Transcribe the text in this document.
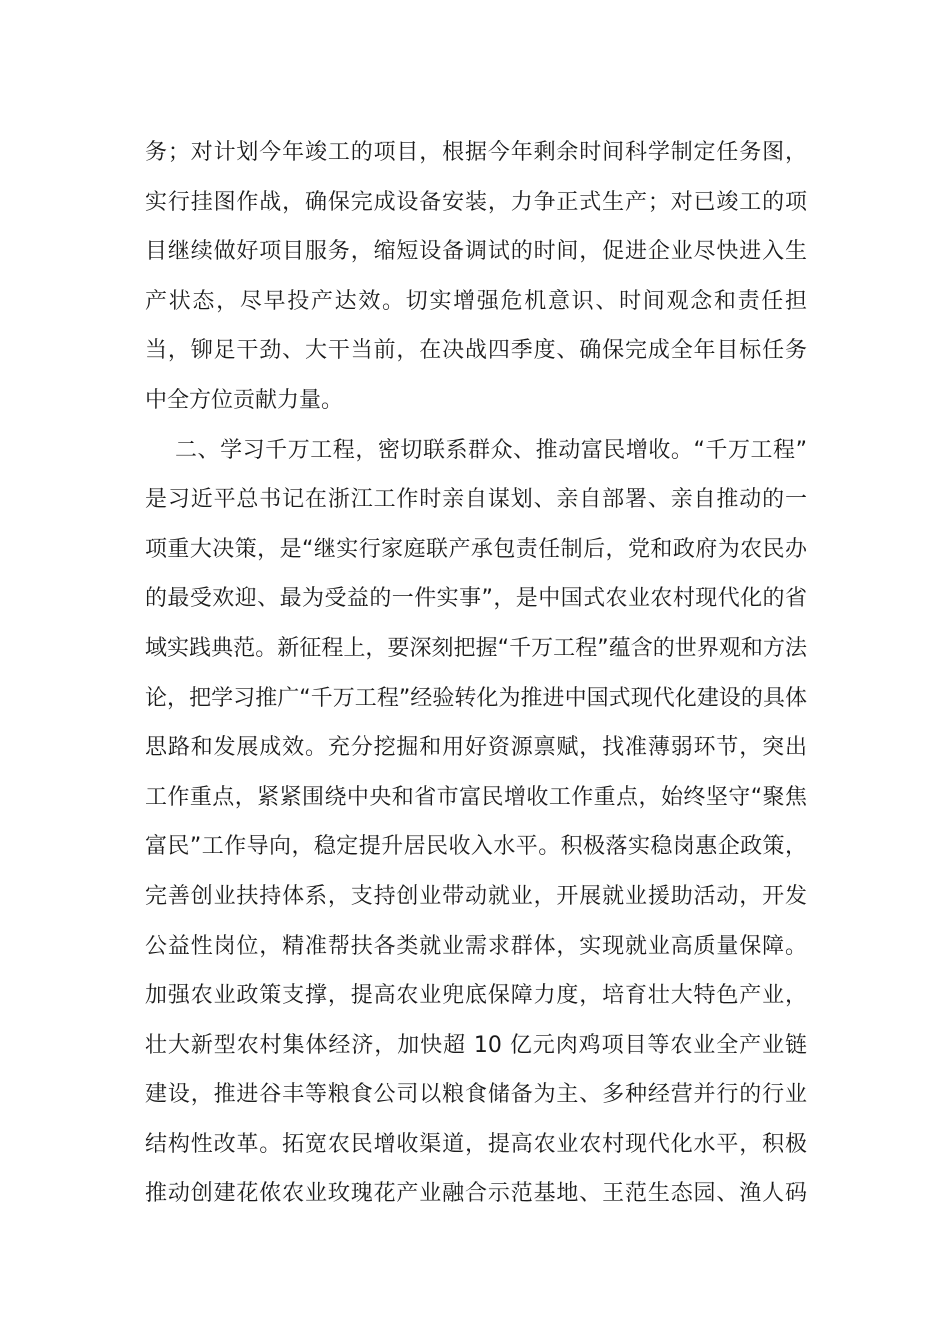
务；对计划今年竣工的项目，根据今年剩余时间科学制定任务图，
实行挂图作战，确保完成设备安装，力争正式生产；对已竣工的项
目继续做好项目服务，缩短设备调试的时间，促进企业尽快进入生
产状态，尽早投产达效。切实增强危机意识、时间观念和责任担
当，铆足干劲、大干当前，在决战四季度、确保完成全年目标任务
中全方位贡献力量。
二、学习千万工程，密切联系群众、推动富民增收。“千万工程”
是习近平总书记在浙江工作时亲自谋划、亲自部署、亲自推动的一
项重大决策，是“继实行家庭联产承包责任制后，党和政府为农民办
的最受欢迎、最为受益的一件实事”，是中国式农业农村现代化的省
域实践典范。新征程上，要深刻把握“千万工程”蕴含的世界观和方法
论，把学习推广“千万工程”经验转化为推进中国式现代化建设的具体
思路和发展成效。充分挖掘和用好资源禀赋，找准薄弱环节，突出
工作重点，紧紧围绕中央和省市富民增收工作重点，始终坚守“聚焦
富民”工作导向，稳定提升居民收入水平。积极落实稳岗惠企政策，
完善创业扶持体系，支持创业带动就业，开展就业援助活动，开发
公益性岗位，精准帮扶各类就业需求群体，实现就业高质量保障。
加强农业政策支撑，提高农业兜底保障力度，培育壮大特色产业，
壮大新型农村集体经济，加快超 10 亿元肉鸡项目等农业全产业链
建设，推进谷丰等粮食公司以粮食储备为主、多种经营并行的行业
结构性改革。拓宽农民增收渠道，提高农业农村现代化水平，积极
推动创建花侬农业玫瑰花产业融合示范基地、王范生态园、渔人码
